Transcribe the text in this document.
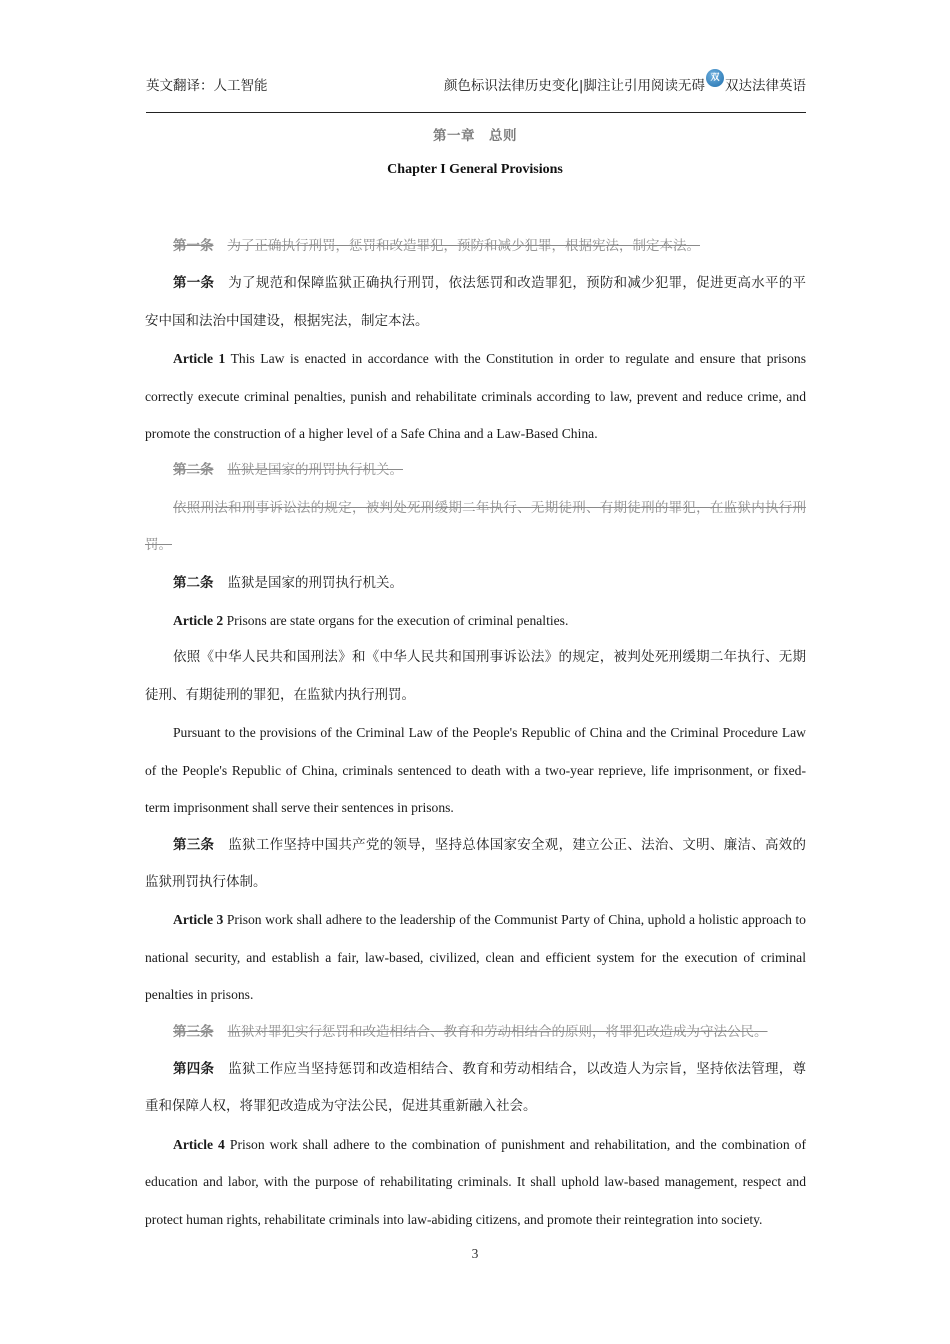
英文翻译：人工智能	颜色标识法律历史变化|脚注让引用阅读无碍 双 双达法律英语
第一章　总则
Chapter I General Provisions

第一条 为了正确执行刑罚，惩罚和改造罪犯，预防和减少犯罪，根据宪法，制定本法。

第一条 为了规范和保障监狱正确执行刑罚，依法惩罚和改造罪犯，预防和减少犯罪，促进更高水平的平安中国和法治中国建设，根据宪法，制定本法。

Article 1 This Law is enacted in accordance with the Constitution in order to regulate and ensure that prisons correctly execute criminal penalties, punish and rehabilitate criminals according to law, prevent and reduce crime, and promote the construction of a higher level of a Safe China and a Law-Based China.

第二条 监狱是国家的刑罚执行机关。

依照刑法和刑事诉讼法的规定，被判处死刑缓期二年执行、无期徒刑、有期徒刑的罪犯，在监狱内执行刑罚。

第二条 监狱是国家的刑罚执行机关。

Article 2 Prisons are state organs for the execution of criminal penalties.

依照《中华人民共和国刑法》和《中华人民共和国刑事诉讼法》的规定，被判处死刑缓期二年执行、无期徒刑、有期徒刑的罪犯，在监狱内执行刑罚。

Pursuant to the provisions of the Criminal Law of the People's Republic of China and the Criminal Procedure Law of the People's Republic of China, criminals sentenced to death with a two-year reprieve, life imprisonment, or fixed-term imprisonment shall serve their sentences in prisons.

第三条 监狱工作坚持中国共产党的领导，坚持总体国家安全观，建立公正、法治、文明、廉洁、高效的监狱刑罚执行体制。

Article 3 Prison work shall adhere to the leadership of the Communist Party of China, uphold a holistic approach to national security, and establish a fair, law-based, civilized, clean and efficient system for the execution of criminal penalties in prisons.

第三条 监狱对罪犯实行惩罚和改造相结合、教育和劳动相结合的原则，将罪犯改造成为守法公民。

第四条 监狱工作应当坚持惩罚和改造相结合、教育和劳动相结合，以改造人为宗旨，坚持依法管理，尊重和保障人权，将罪犯改造成为守法公民，促进其重新融入社会。

Article 4 Prison work shall adhere to the combination of punishment and rehabilitation, and the combination of education and labor, with the purpose of rehabilitating criminals. It shall uphold law-based management, respect and protect human rights, rehabilitate criminals into law-abiding citizens, and promote their reintegration into society.

3
